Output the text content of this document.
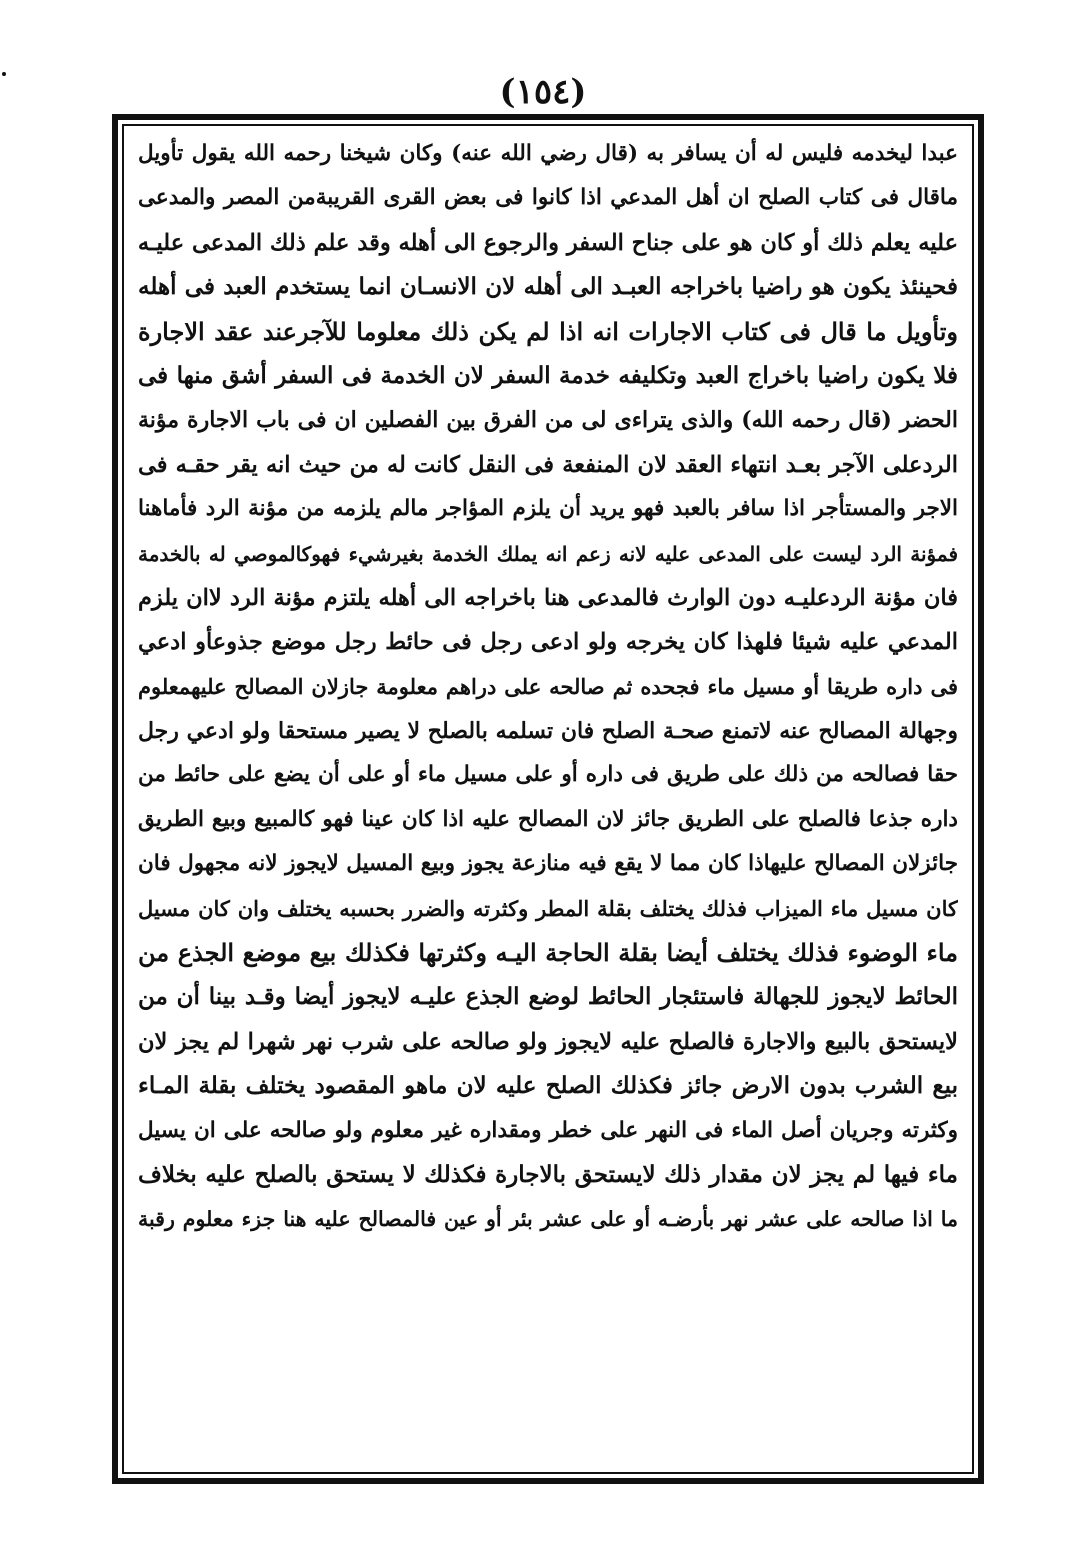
(١٥٤)
عبدا ليخدمه فليس له أن يسافر به (قال رضي الله عنه) وكان شيخنا رحمه الله يقول تأويل
ماقال فى كتاب الصلح ان أهل المدعي اذا كانوا فى بعض القرى القريبةمن المصر والمدعى
عليه يعلم ذلك أو كان هو على جناح السفر والرجوع الى أهله وقد علم ذلك المدعى عليـه
فحينئذ يكون هو راضيا باخراجه العبـد الى أهله لان الانسـان انما يستخدم العبد فى أهله
وتأويل ما قال فى كتاب الاجارات انه اذا لم يكن ذلك معلوما للآجرعند عقد الاجارة
فلا يكون راضيا باخراج العبد وتكليفه خدمة السفر لان الخدمة فى السفر أشق منها فى
الحضر (قال رحمه الله) والذى يتراءى لى من الفرق بين الفصلين ان فى باب الاجارة مؤنة
الردعلى الآجر بعـد انتهاء العقد لان المنفعة فى النقل كانت له من حيث انه يقر حقـه فى
الاجر والمستأجر اذا سافر بالعبد فهو يريد أن يلزم المؤاجر مالم يلزمه من مؤنة الرد فأماهنا
فمؤنة الرد ليست على المدعى عليه لانه زعم انه يملك الخدمة بغيرشيء فهوكالموصي له بالخدمة
فان مؤنة الردعليـه دون الوارث فالمدعى هنا باخراجه الى أهله يلتزم مؤنة الرد لاان يلزم
المدعي عليه شيئا فلهذا كان يخرجه ولو ادعى رجل فى حائط رجل موضع جذوعأو ادعي
فى داره طريقا أو مسيل ماء فجحده ثم صالحه على دراهم معلومة جازلان المصالح عليهمعلوم
وجهالة المصالح عنه لاتمنع صحـة الصلح فان تسلمه بالصلح لا يصير مستحقا ولو ادعي رجل
حقا فصالحه من ذلك على طريق فى داره أو على مسيل ماء أو على أن يضع على حائط من
داره جذعا فالصلح على الطريق جائز لان المصالح عليه اذا كان عينا فهو كالمبيع وبيع الطريق
جائزلان المصالح عليهاذا كان مما لا يقع فيه منازعة يجوز وبيع المسيل لايجوز لانه مجهول فان
كان مسيل ماء الميزاب فذلك يختلف بقلة المطر وكثرته والضرر بحسبه يختلف وان كان مسيل
ماء الوضوء فذلك يختلف أيضا بقلة الحاجة اليـه وكثرتها فكذلك بيع موضع الجذع من
الحائط لايجوز للجهالة فاستئجار الحائط لوضع الجذع عليـه لايجوز أيضا وقـد بينا أن من
لايستحق بالبيع والاجارة فالصلح عليه لايجوز ولو صالحه على شرب نهر شهرا لم يجز لان
بيع الشرب بدون الارض جائز فكذلك الصلح عليه لان ماهو المقصود يختلف بقلة المـاء
وكثرته وجريان أصل الماء فى النهر على خطر ومقداره غير معلوم ولو صالحه على ان يسيل
ماء فيها لم يجز لان مقدار ذلك لايستحق بالاجارة فكذلك لا يستحق بالصلح عليه بخلاف
ما اذا صالحه على عشر نهر بأرضـه أو على عشر بئر أو عين فالمصالح عليه هنا جزء معلوم رقبة
